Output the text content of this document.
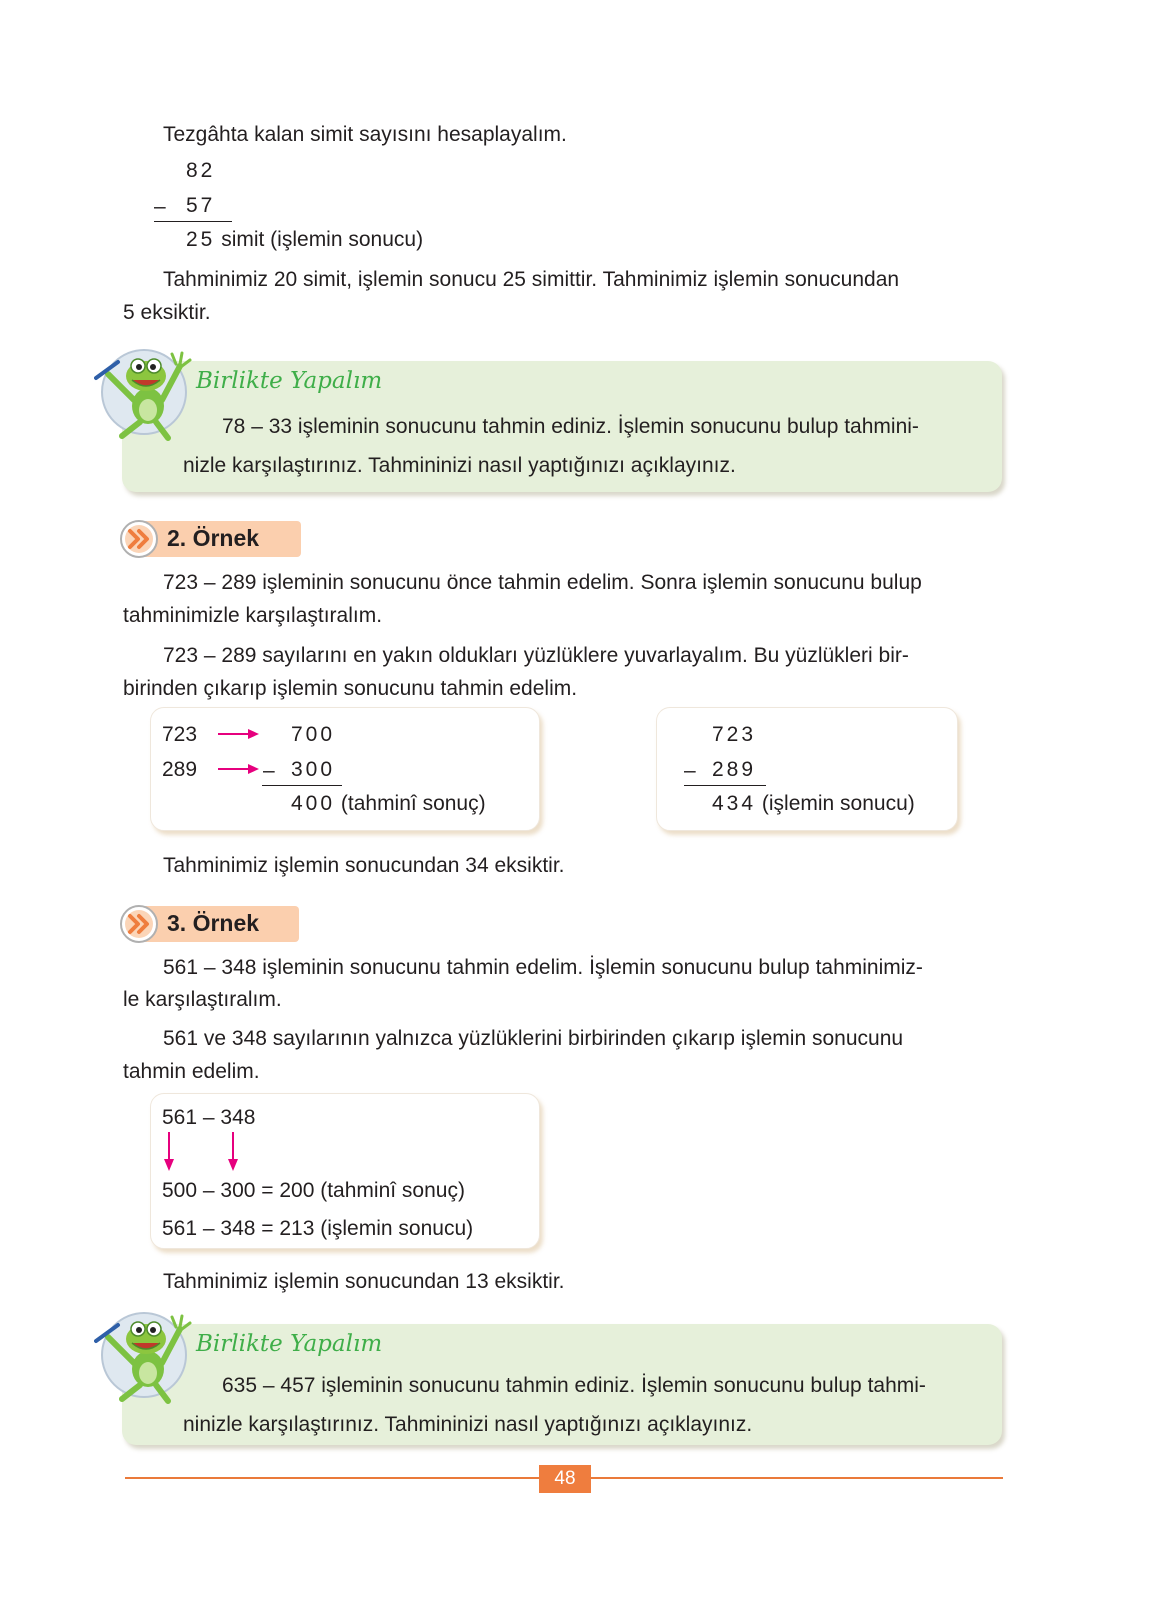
Tezgâhta kalan simit sayısını hesaplayalım.
82
– 57
25 simit (işlemin sonucu)
Tahminimiz 20 simit, işlemin sonucu 25 simittir. Tahminimiz işlemin sonucundan
5 eksiktir.
Birlikte Yapalım
78 – 33 işleminin sonucunu tahmin ediniz. İşlemin sonucunu bulup tahmini-
nizle karşılaştırınız. Tahmininizi nasıl yaptığınızı açıklayınız.
2. Örnek
723 – 289 işleminin sonucunu önce tahmin edelim. Sonra işlemin sonucunu bulup
tahminimizle karşılaştıralım.
723 – 289 sayılarını en yakın oldukları yüzlüklere yuvarlayalım. Bu yüzlükleri bir-
birinden çıkarıp işlemin sonucunu tahmin edelim.
723	700
289	– 300
400 (tahminî sonuç)
723
– 289
434 (işlemin sonucu)
Tahminimiz işlemin sonucundan 34 eksiktir.
3. Örnek
561 – 348 işleminin sonucunu tahmin edelim. İşlemin sonucunu bulup tahminimiz-
le karşılaştıralım.
561 ve 348 sayılarının yalnızca yüzlüklerini birbirinden çıkarıp işlemin sonucunu
tahmin edelim.
561 – 348
500 – 300 = 200 (tahminî sonuç)
561 – 348 = 213 (işlemin sonucu)
Tahminimiz işlemin sonucundan 13 eksiktir.
Birlikte Yapalım
635 – 457 işleminin sonucunu tahmin ediniz. İşlemin sonucunu bulup tahmi-
ninizle karşılaştırınız. Tahmininizi nasıl yaptığınızı açıklayınız.
48
